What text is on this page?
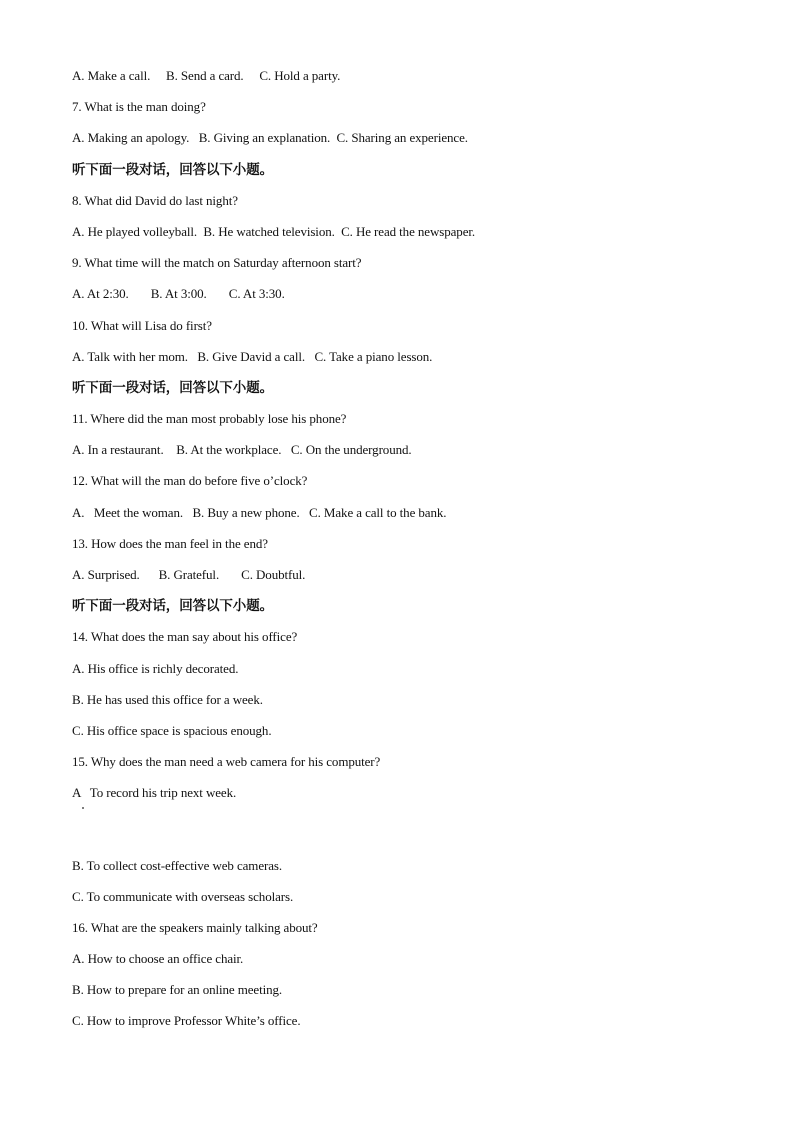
A. Make a call.     B. Send a card.     C. Hold a party.
7. What is the man doing?
A. Making an apology.   B. Giving an explanation.  C. Sharing an experience.
听下面一段对话，回答以下小题。
8. What did David do last night?
A. He played volleyball.  B. He watched television.  C. He read the newspaper.
9. What time will the match on Saturday afternoon start?
A. At 2:30.       B. At 3:00.       C. At 3:30.
10. What will Lisa do first?
A. Talk with her mom.   B. Give David a call.   C. Take a piano lesson.
听下面一段对话，回答以下小题。
11. Where did the man most probably lose his phone?
A. In a restaurant.    B. At the workplace.   C. On the underground.
12. What will the man do before five o’clock?
A.   Meet the woman.   B. Buy a new phone.   C. Make a call to the bank.
13. How does the man feel in the end?
A. Surprised.      B. Grateful.       C. Doubtful.
听下面一段对话，回答以下小题。
14. What does the man say about his office?
A. His office is richly decorated.
B. He has used this office for a week.
C. His office space is spacious enough.
15. Why does the man need a web camera for his computer?
A   To record his trip next week.
B. To collect cost-effective web cameras.
C. To communicate with overseas scholars.
16. What are the speakers mainly talking about?
A. How to choose an office chair.
B. How to prepare for an online meeting.
C. How to improve Professor White’s office.
